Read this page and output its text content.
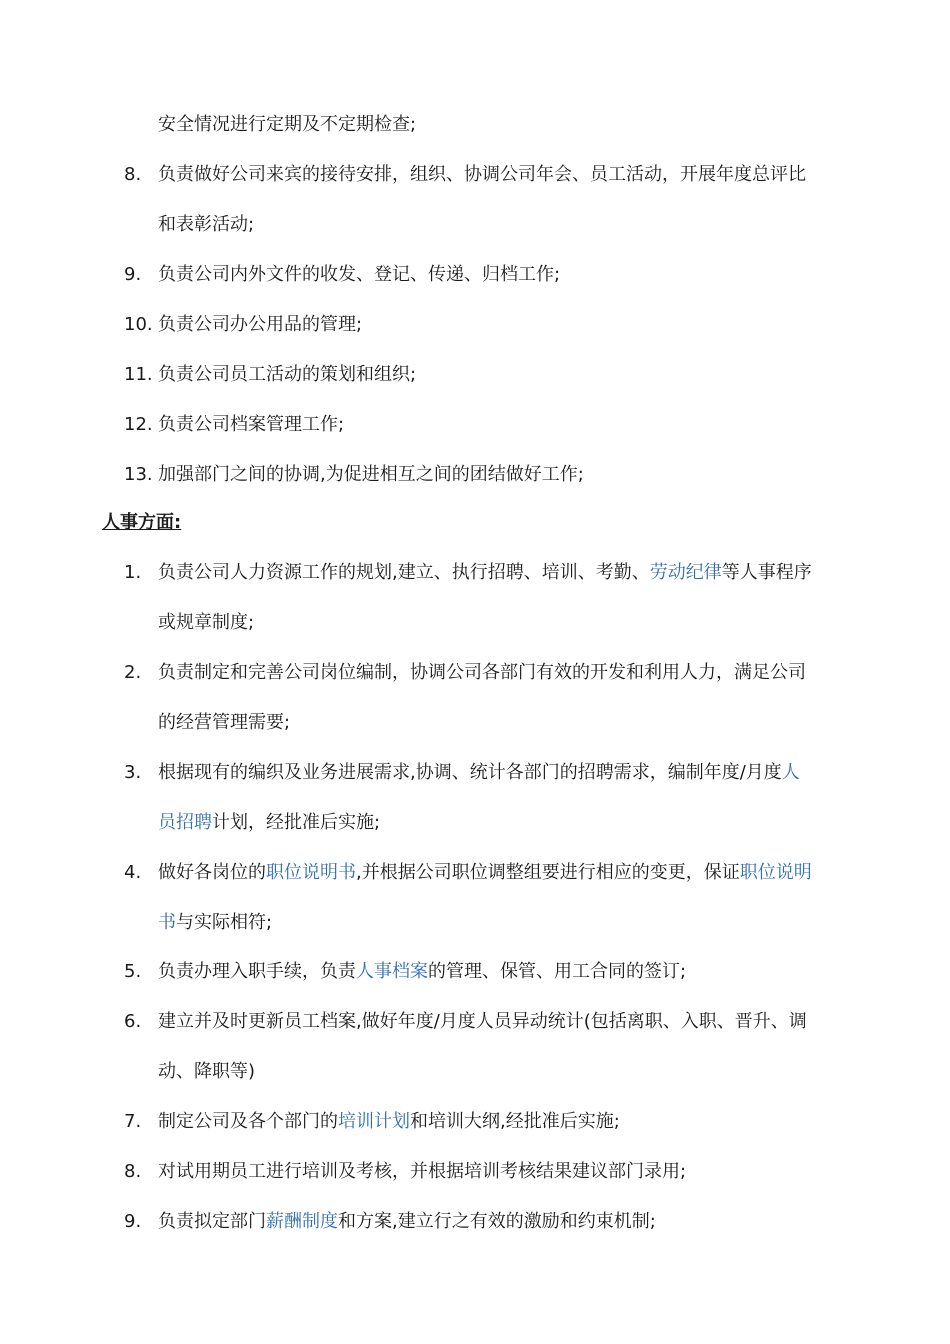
安全情况进行定期及不定期检查;
8. 负责做好公司来宾的接待安排，组织、协调公司年会、员工活动，开展年度总评比
和表彰活动;
9. 负责公司内外文件的收发、登记、传递、归档工作;
10. 负责公司办公用品的管理;
11. 负责公司员工活动的策划和组织;
12. 负责公司档案管理工作;
13. 加强部门之间的协调,为促进相互之间的团结做好工作;
人事方面:
1. 负责公司人力资源工作的规划,建立、执行招聘、培训、考勤、劳动纪律等人事程序
或规章制度;
2. 负责制定和完善公司岗位编制，协调公司各部门有效的开发和利用人力，满足公司
的经营管理需要;
3. 根据现有的编织及业务进展需求,协调、统计各部门的招聘需求，编制年度/月度人
员招聘计划，经批准后实施;
4. 做好各岗位的职位说明书,并根据公司职位调整组要进行相应的变更，保证职位说明
书与实际相符;
5. 负责办理入职手续，负责人事档案的管理、保管、用工合同的签订;
6. 建立并及时更新员工档案,做好年度/月度人员异动统计(包括离职、入职、晋升、调
动、降职等)
7. 制定公司及各个部门的培训计划和培训大纲,经批准后实施;
8. 对试用期员工进行培训及考核，并根据培训考核结果建议部门录用;
9. 负责拟定部门薪酬制度和方案,建立行之有效的激励和约束机制;
